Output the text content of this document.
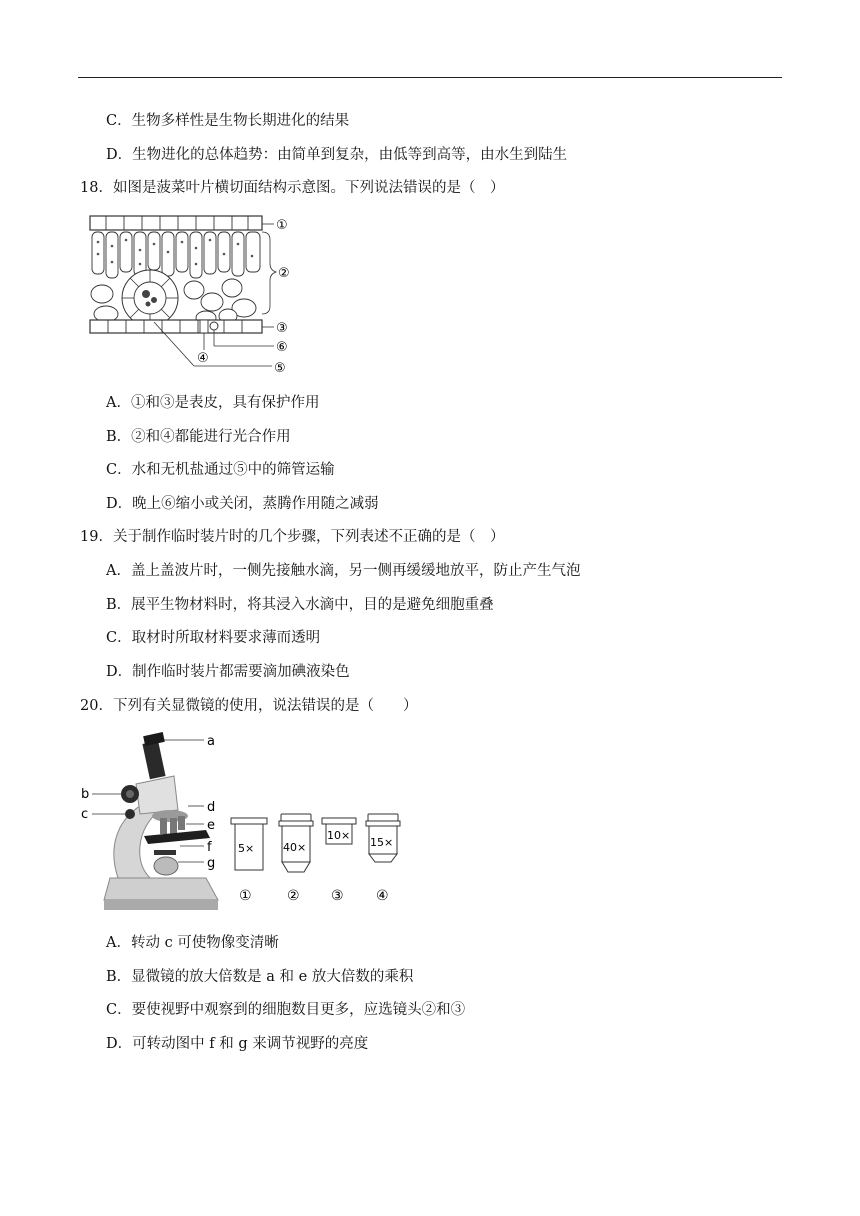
C．生物多样性是生物长期进化的结果
D．生物进化的总体趋势：由简单到复杂，由低等到高等，由水生到陆生
18．如图是菠菜叶片横切面结构示意图。下列说法错误的是（　）
①
②
③
④
⑤
⑥
A．①和③是表皮，具有保护作用
B．②和④都能进行光合作用
C．水和无机盐通过⑤中的筛管运输
D．晚上⑥缩小或关闭，蒸腾作用随之减弱
19．关于制作临时装片时的几个步骤，下列表述不正确的是（　）
A．盖上盖波片时，一侧先接触水滴，另一侧再缓缓地放平，防止产生气泡
B．展平生物材料时，将其浸入水滴中，目的是避免细胞重叠
C．取材时所取材料要求薄而透明
D．制作临时装片都需要滴加碘液染色
20．下列有关显微镜的使用，说法错误的是（　　）
a
b
c	d
e
f
g
5×	40×
10×
15×
①	② ③ ④
A．转动 c 可使物像变清晰
B．显微镜的放大倍数是 a 和 e 放大倍数的乘积
C．要使视野中观察到的细胞数目更多，应选镜头②和③
D．可转动图中 f 和 g 来调节视野的亮度
